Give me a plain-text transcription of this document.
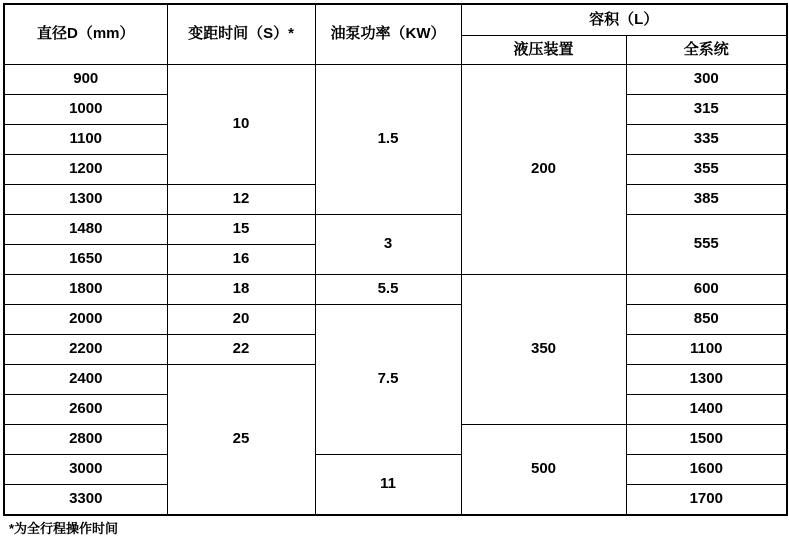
直径D（mm）	变距时间（S）*	油泵功率（KW）	容积（L）	
			液压装置	全系统
900	10	1.5	200	300
1000				315
1100				335
1200				355
1300	12			385
1480	15	3		555
1650	16			
1800	18	5.5	350	600
2000	20	7.5		850
2200	22			1100
2400	25			1300
2600				1400
2800			500	1500
3000		11		1600
3300				1700
*为全行程操作时间
